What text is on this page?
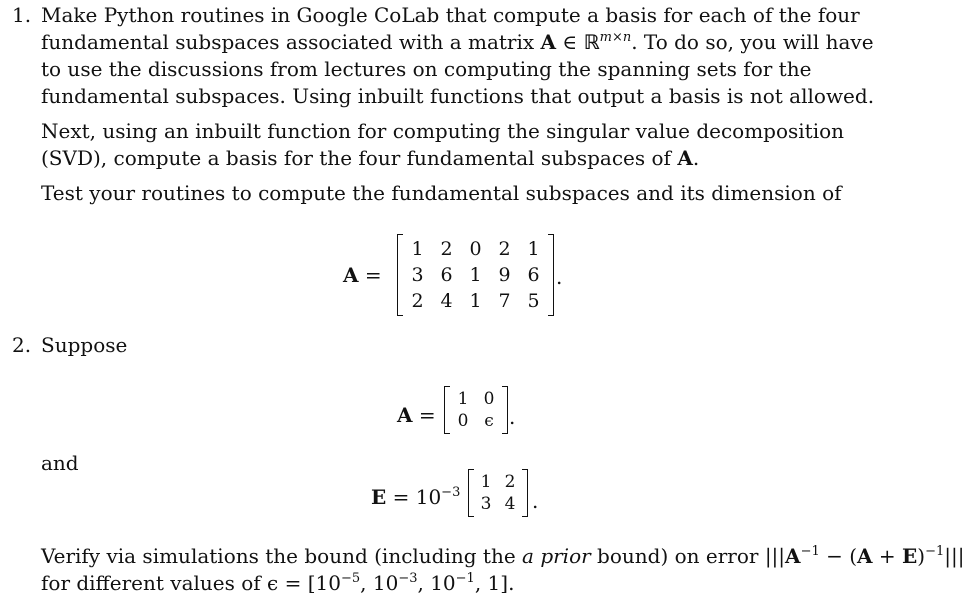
1. Make Python routines in Google CoLab that compute a basis for each of the four fundamental subspaces associated with a matrix A ∈ ℝ$^{m\times n}$. To do so, you will have to use the discussions from lectures on computing the spanning sets for the fundamental subspaces. Using inbuilt functions that output a basis is not allowed.
Next, using an inbuilt function for computing the singular value decomposition (SVD), compute a basis for the four fundamental subspaces of A.
Test your routines to compute the fundamental subspaces and its dimension of
A =
1 2 0 2 1
3 6 1 9 6
2 4 1 7 5
.
2. Suppose
A =
1 0
0 ϵ .
and
$E = 10^{-3}$
1 2
3 4 .
Verify via simulations the bound (including the a prior bound) on error $|||A^{-1} - (A + E)^{-1}|||$
for different values of $\epsilon = [10^{-5}$, $10^{-3}$, $10^{-1}$, 1].
